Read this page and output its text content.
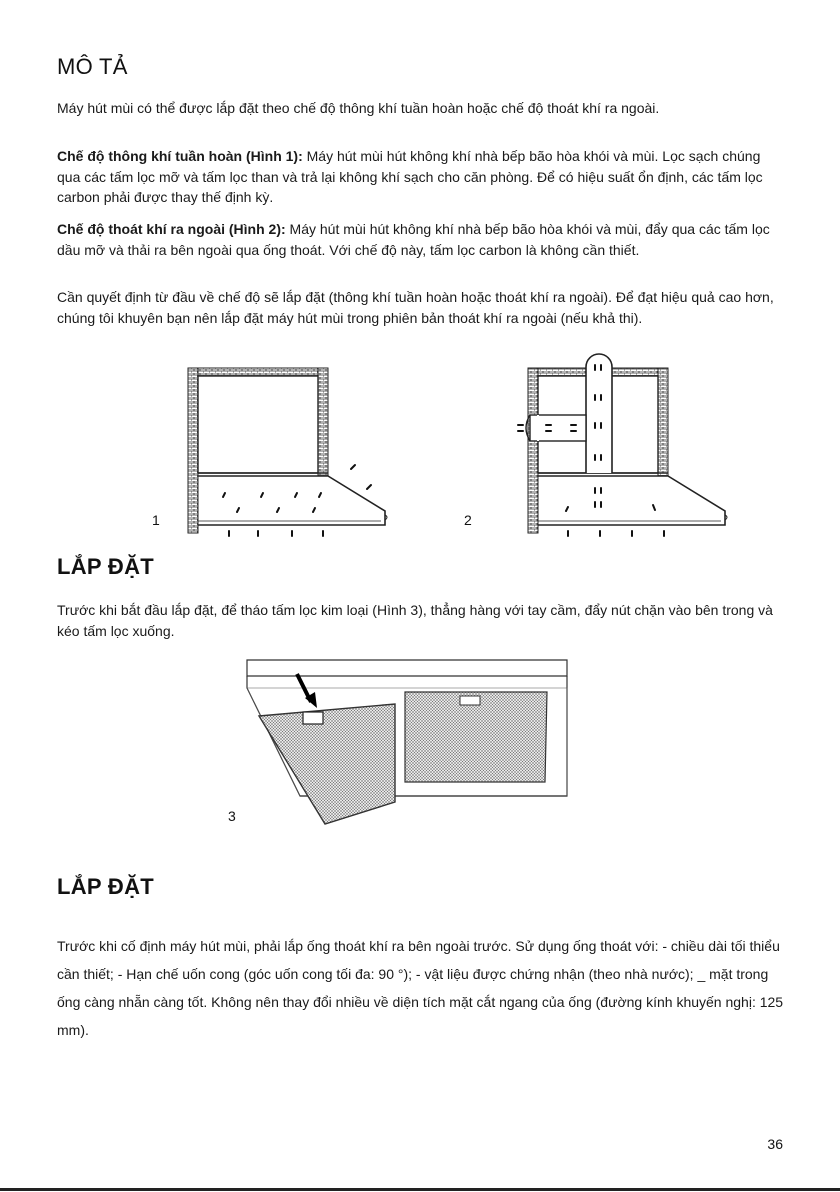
MÔ TẢ

Máy hút mùi có thể được lắp đặt theo chế độ thông khí tuần hoàn hoặc chế độ thoát khí ra ngoài.

Chế độ thông khí tuần hoàn (Hình 1): Máy hút mùi hút không khí nhà bếp bão hòa khói và mùi. Lọc sạch chúng qua các tấm lọc mỡ và tấm lọc than và trả lại không khí sạch cho căn phòng. Để có hiệu suất ổn định, các tấm lọc carbon phải được thay thế định kỳ.

Chế độ thoát khí ra ngoài (Hình 2): Máy hút mùi hút không khí nhà bếp bão hòa khói và mùi, đẩy qua các tấm lọc dầu mỡ và thải ra bên ngoài qua ống thoát. Với chế độ này, tấm lọc carbon là không cần thiết.

Cần quyết định từ đầu về chế độ sẽ lắp đặt (thông khí tuần hoàn hoặc thoát khí ra ngoài). Để đạt hiệu quả cao hơn, chúng tôi khuyên bạn nên lắp đặt máy hút mùi trong phiên bản thoát khí ra ngoài (nếu khả thi).

1	2
LẮP ĐẶT

Trước khi bắt đầu lắp đặt, để tháo tấm lọc kim loại (Hình 3), thẳng hàng với tay cầm, đẩy nút chặn vào bên trong và kéo tấm lọc xuống.

3
LẮP ĐẶT

Trước khi cố định máy hút mùi, phải lắp ống thoát khí ra bên ngoài trước. Sử dụng ống thoát với: - chiều dài tối thiểu cần thiết; - Hạn chế uốn cong (góc uốn cong tối đa: 90 °); - vật liệu được chứng nhận (theo nhà nước); _ mặt trong ống càng nhẵn càng tốt. Không nên thay đổi nhiều về diện tích mặt cắt ngang của ống (đường kính khuyến nghị: 125 mm).

36
